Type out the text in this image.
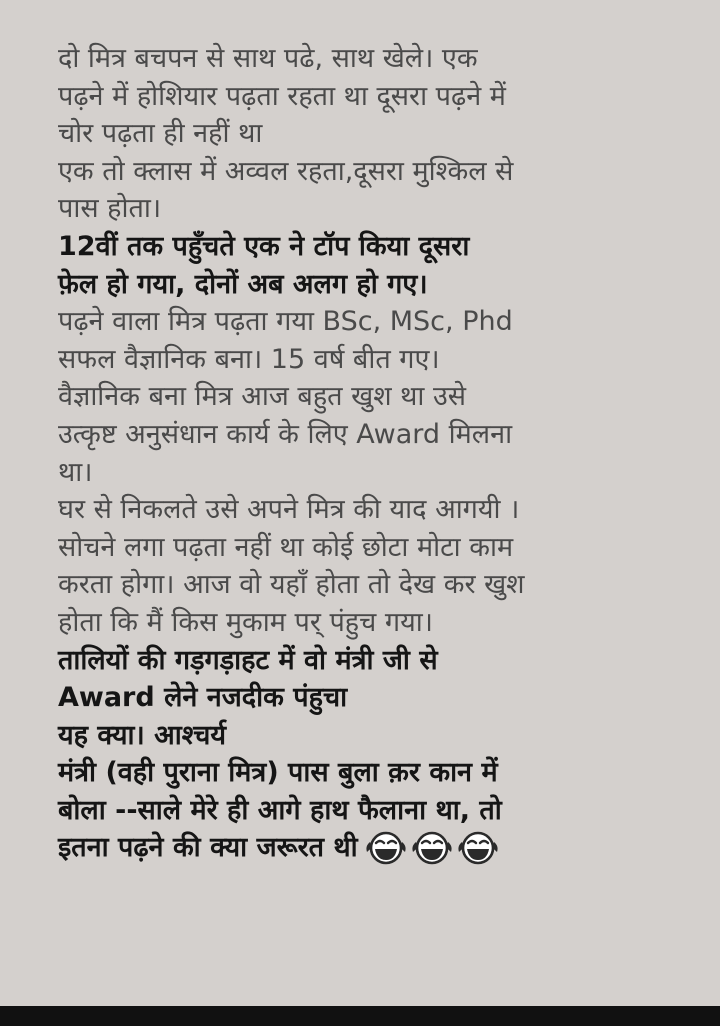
दो मित्र बचपन से साथ पढे, साथ खेले। एक
पढ़ने में होशियार पढ़ता रहता था दूसरा पढ़ने में
चोर पढ़ता ही नहीं था
एक तो क्लास में अव्वल रहता,दूसरा मुश्किल से
पास होता।
12वीं तक पहुँचते एक ने टॉप किया दूसरा
फ़ेल हो गया, दोनों अब अलग हो गए।
पढ़ने वाला मित्र पढ़ता गया BSc, MSc, Phd
सफल वैज्ञानिक बना। 15 वर्ष बीत गए।
वैज्ञानिक बना मित्र आज बहुत खुश था उसे
उत्कृष्ट अनुसंधान कार्य के लिए Award मिलना
था।
घर से निकलते उसे अपने मित्र की याद आगयी ।
सोचने लगा पढ़ता नहीं था कोई छोटा मोटा काम
करता होगा। आज वो यहाँ होता तो देख कर खुश
होता कि मैं किस मुकाम पर् पंहुच गया।
तालियों की गड़गड़ाहट में वो मंत्री जी से
Award लेने नजदीक पंहुचा
यह क्या। आश्चर्य
मंत्री (वही पुराना मित्र) पास बुला क़र कान में
बोला --साले मेरे ही आगे हाथ फैलाना था, तो
इतना पढ़ने की क्या जरूरत थी
